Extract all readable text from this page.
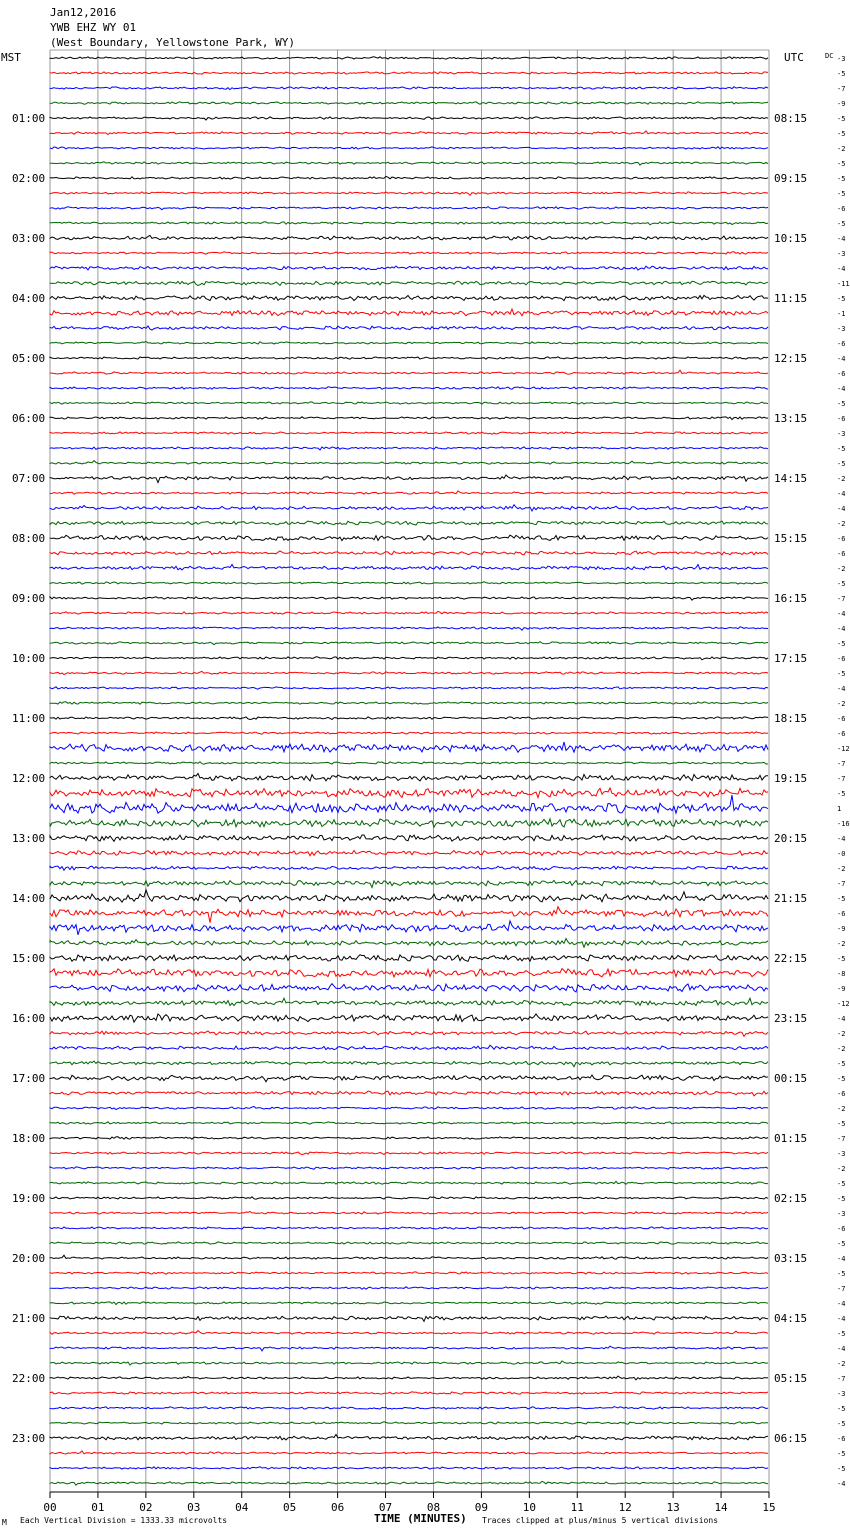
Jan12,2016
YWB EHZ WY 01
(West Boundary, Yellowstone Park, WY)
MST	UTC	DC
01:00
02:00
03:00
04:00
05:00
06:00
07:00
08:00
09:00
10:00
11:00
12:00
13:00
14:00
15:00
16:00
17:00
18:00
19:00
20:00
21:00
22:00
23:00
08:15
09:15
10:15
11:15
12:15
13:15
14:15
15:15
16:15
17:15
18:15
19:15
20:15
21:15
22:15
23:15
00:15
01:15
02:15
03:15
04:15
05:15
06:15
-3
-5
-7
-9
-5
-5
-2
-5
-5
-5
-6
-5
-4
-3
-4
-11
-5
-1
-3
-6
-4
-6
-4
-5
-6
-3
-5
-5
-2
-4
-4
-2
-6
-6
-2
-5
-7
-4
-4
-5
-6
-5
-4
-2
-6
-6
-12
-7
-7
-5
1
-16
-4
-0
-2
-7
-5
-6
-9
-2
-5
-8
-9
-12
-4
-2
-2
-5
-5
-6
-2
-5
-7
-3
-2
-5
-5
-3
-6
-5
-4
-5
-7
-4
-4
-5
-4
-2
-7
-3
-5
-5
-6
-5
-5
-4
00	01	02	03	04	05	06	07	08	09	10	11	12	13	14	15
M Each Vertical Division = 1333.33 microvolts	TIME (MINUTES) Traces clipped at plus/minus 5 vertical divisions
